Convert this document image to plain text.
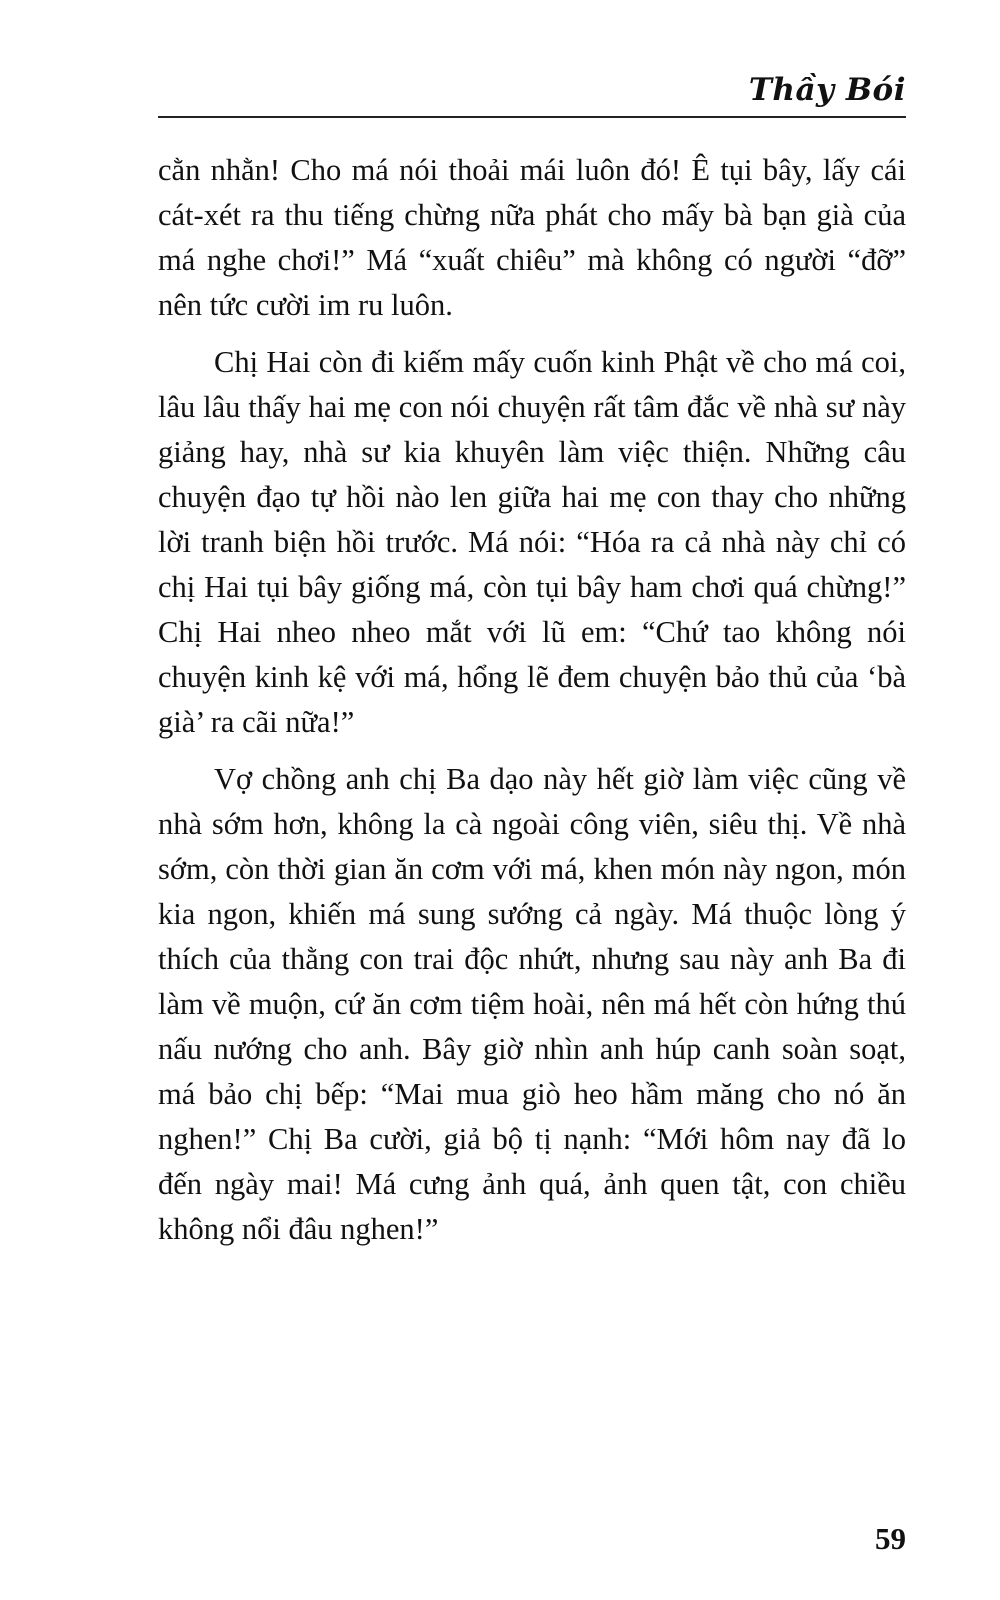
Thầy Bói

cằn nhằn! Cho má nói thoải mái luôn đó! Ê tụi bây, lấy cái cát-xét ra thu tiếng chừng nữa phát cho mấy bà bạn già của má nghe chơi!” Má “xuất chiêu” mà không có người “đỡ” nên tức cười im ru luôn.

Chị Hai còn đi kiếm mấy cuốn kinh Phật về cho má coi, lâu lâu thấy hai mẹ con nói chuyện rất tâm đắc về nhà sư này giảng hay, nhà sư kia khuyên làm việc thiện. Những câu chuyện đạo tự hồi nào len giữa hai mẹ con thay cho những lời tranh biện hồi trước. Má nói: “Hóa ra cả nhà này chỉ có chị Hai tụi bây giống má, còn tụi bây ham chơi quá chừng!” Chị Hai nheo nheo mắt với lũ em: “Chứ tao không nói chuyện kinh kệ với má, hổng lẽ đem chuyện bảo thủ của ‘bà già’ ra cãi nữa!”

Vợ chồng anh chị Ba dạo này hết giờ làm việc cũng về nhà sớm hơn, không la cà ngoài công viên, siêu thị. Về nhà sớm, còn thời gian ăn cơm với má, khen món này ngon, món kia ngon, khiến má sung sướng cả ngày. Má thuộc lòng ý thích của thằng con trai độc nhứt, nhưng sau này anh Ba đi làm về muộn, cứ ăn cơm tiệm hoài, nên má hết còn hứng thú nấu nướng cho anh. Bây giờ nhìn anh húp canh soàn soạt, má bảo chị bếp: “Mai mua giò heo hầm măng cho nó ăn nghen!” Chị Ba cười, giả bộ tị nạnh: “Mới hôm nay đã lo đến ngày mai! Má cưng ảnh quá, ảnh quen tật, con chiều không nổi đâu nghen!”

59
